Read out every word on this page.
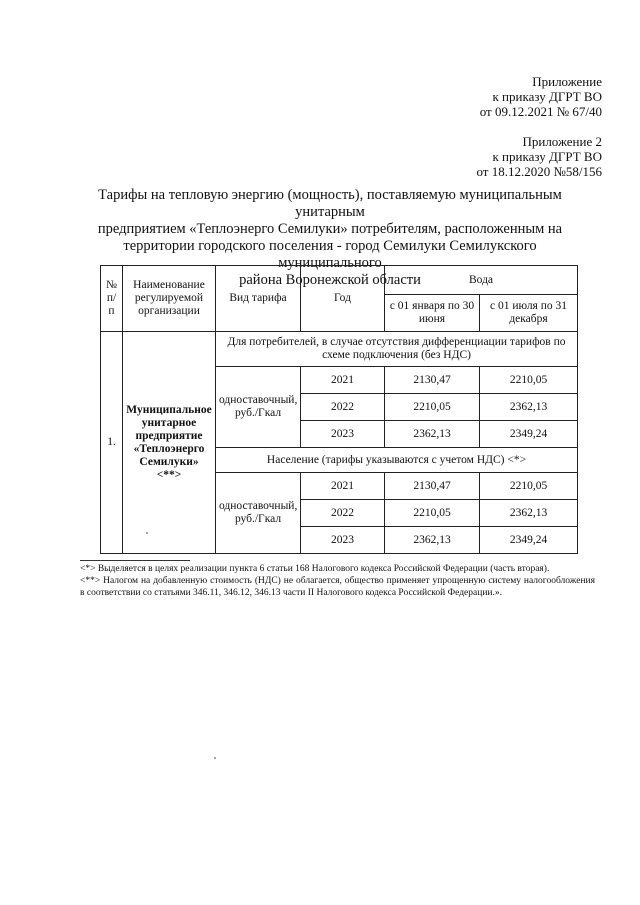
Приложение
к приказу ДГРТ ВО
от 09.12.2021 № 67/40
Приложение 2
к приказу ДГРТ ВО
от 18.12.2020 №58/156
Тарифы на тепловую энергию (мощность), поставляемую муниципальным унитарным
предприятием «Теплоэнерго Семилуки» потребителям, расположенным на
территории городского поселения - город Семилуки Семилукского муниципального
района Воронежской области
№ п/п	Наименование регулируемой организации	Вид тарифа	Год	Вода	
				с 01 января по 30 июня	с 01 июля по 31 декабря
1.	Муниципальное унитарное предприятие «Теплоэнерго Семилуки» <**>	Для потребителей, в случае отсутствия дифференциации тарифов по схеме подключения (без НДС)			
		одноставочный, руб./Гкал	2021	2130,47	2210,05
			2022	2210,05	2362,13
			2023	2362,13	2349,24
		Население (тарифы указываются с учетом НДС) <*>			
		одноставочный, руб./Гкал	2021	2130,47	2210,05
			2022	2210,05	2362,13
			2023	2362,13	2349,24

<*> Выделяется в целях реализации пункта 6 статьи 168 Налогового кодекса Российской Федерации (часть вторая).

<**> Налогом на добавленную стоимость (НДС) не облагается, общество применяет упрощенную систему налогообложения в соответствии со статьями 346.11, 346.12, 346.13 части II Налогового кодекса Российской Федерации.».
